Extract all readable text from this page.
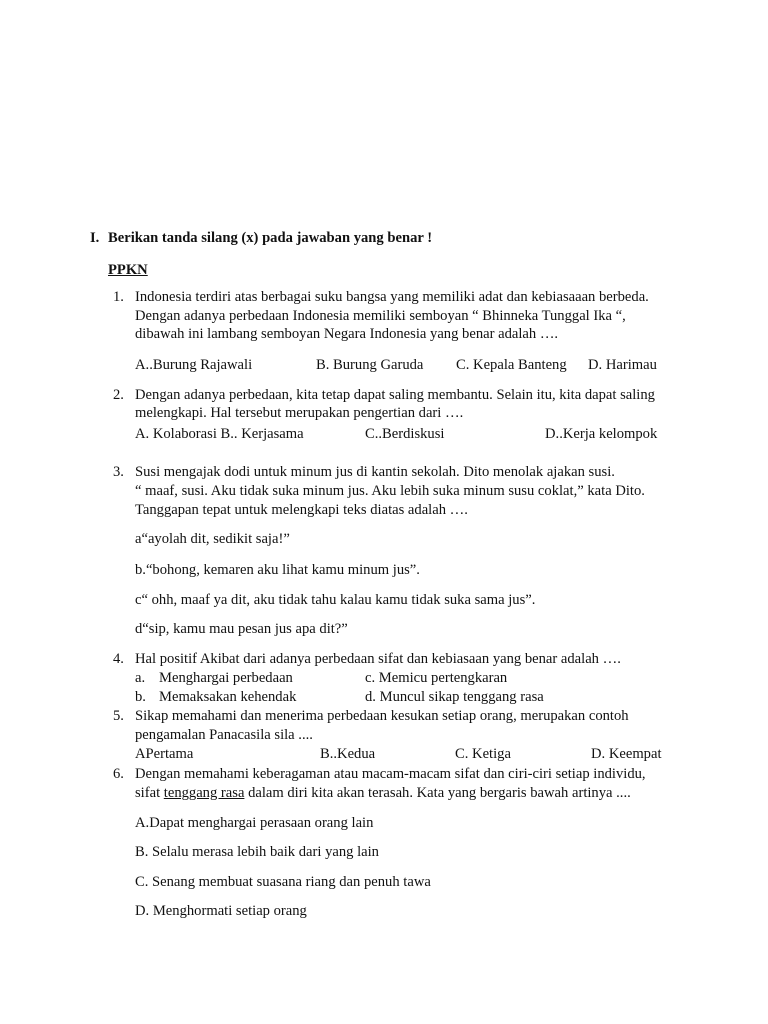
I. Berikan tanda silang (x) pada jawaban yang benar !
PPKN
1. Indonesia terdiri atas berbagai suku bangsa yang memiliki adat dan kebiasaaan berbeda.
Dengan adanya perbedaan Indonesia memiliki semboyan “ Bhinneka Tunggal Ika “,
dibawah ini lambang semboyan Negara Indonesia yang benar adalah ….
A..Burung Rajawali	B. Burung Garuda C. Kepala Banteng D. Harimau
2. Dengan adanya perbedaan, kita tetap dapat saling membantu. Selain itu, kita dapat saling
melengkapi. Hal tersebut merupakan pengertian dari ….
A. Kolaborasi B.. Kerjasama	C..Berdiskusi	D..Kerja kelompok
3. Susi mengajak dodi untuk minum jus di kantin sekolah. Dito menolak ajakan susi.
“ maaf, susi. Aku tidak suka minum jus. Aku lebih suka minum susu coklat,” kata Dito.
Tanggapan tepat untuk melengkapi teks diatas adalah ….
a“ayolah dit, sedikit saja!”
b.“bohong, kemaren aku lihat kamu minum jus”.
c“ ohh, maaf ya dit, aku tidak tahu kalau kamu tidak suka sama jus”.
d“sip, kamu mau pesan jus apa dit?”
4. Hal positif Akibat dari adanya perbedaan sifat dan kebiasaan yang benar adalah ….
a. Menghargai perbedaan	c. Memicu pertengkaran
b. Memaksakan kehendak	d. Muncul sikap tenggang rasa
5. Sikap memahami dan menerima perbedaan kesukan setiap orang, merupakan contoh
pengamalan Panacasila sila ....
APertama	B..Kedua	C. Ketiga	D. Keempat
6. Dengan memahami keberagaman atau macam-macam sifat dan ciri-ciri setiap individu,
sifat tenggang rasa dalam diri kita akan terasah. Kata yang bergaris bawah artinya ....
A.Dapat menghargai perasaan orang lain
B. Selalu merasa lebih baik dari yang lain
C. Senang membuat suasana riang dan penuh tawa
D. Menghormati setiap orang
